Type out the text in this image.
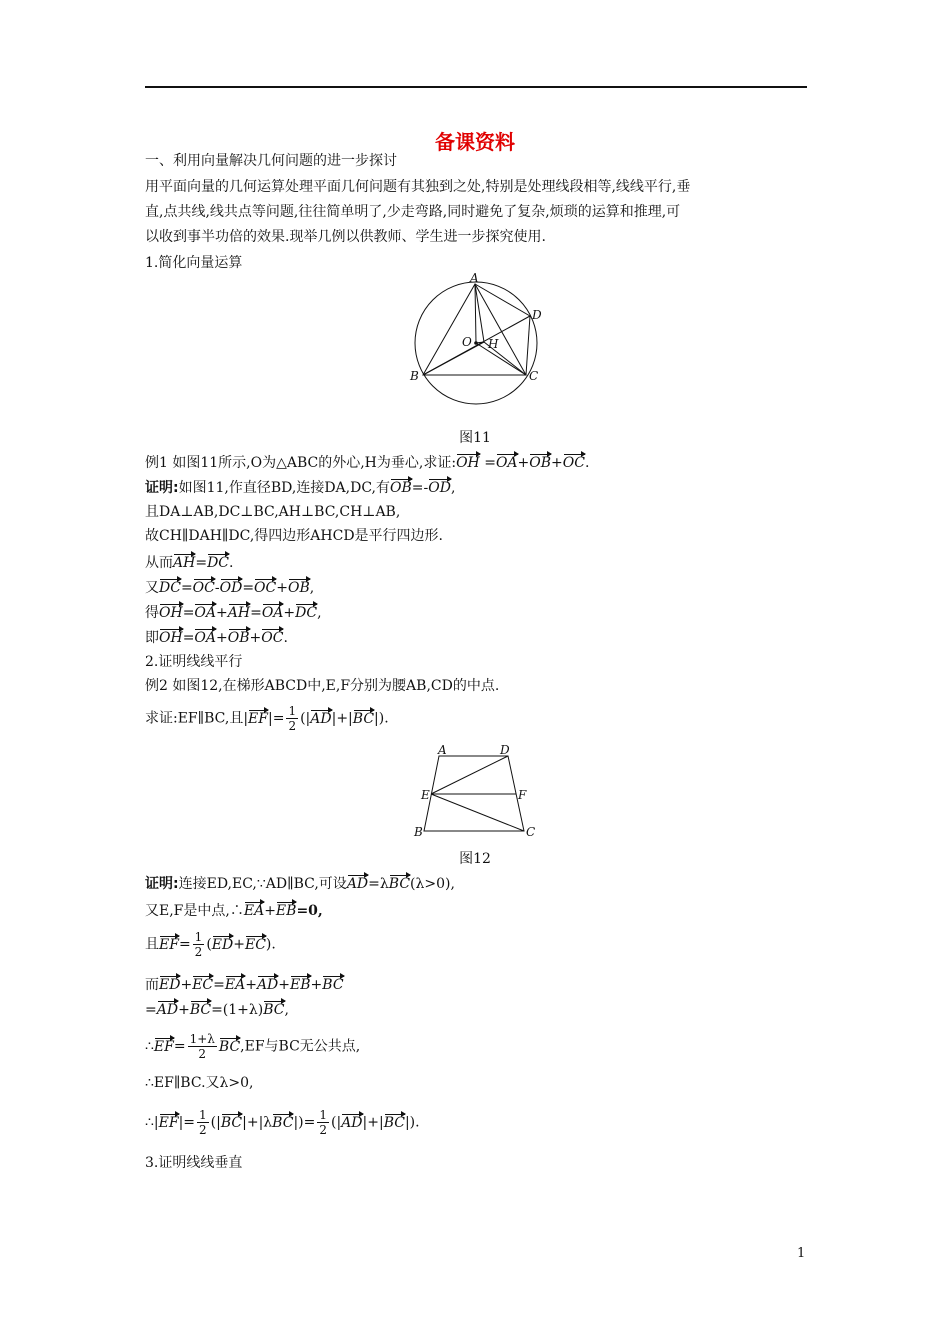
备课资料
一、利用向量解决几何问题的进一步探讨
用平面向量的几何运算处理平面几何问题有其独到之处,特别是处理线段相等,线线平行,垂
直,点共线,线共点等问题,往往简单明了,少走弯路,同时避免了复杂,烦琐的运算和推理,可
以收到事半功倍的效果.现举几例以供教师、学生进一步探究使用.
1.简化向量运算
A
D
O H
B	C
图11
例1 如图11所示,O为△ABC的外心,H为垂心,求证:OH =OA+OB+OC.
证明:如图11,作直径BD,连接DA,DC,有OB=-OD,
且DA⊥AB,DC⊥BC,AH⊥BC,CH⊥AB,
故CH∥DAH∥DC,得四边形AHCD是平行四边形.
从而AH=DC.
又DC=OC-OD=OC+OB,
得OH=OA+AH=OA+DC,
即OH=OA+OB+OC.
2.证明线线平行
例2 如图12,在梯形ABCD中,E,F分别为腰AB,CD的中点.
求证:EF∥BC,且$|EF|= \frac{1}{2} (|AD|+|BC|)$.
A	D
E	F
B	C
图12
证明:连接ED,EC,∵AD∥BC,可设AD=λBC(λ>0),
又E,F是中点,∴EA+EB=0,
且$EF= \frac{1}{2} (ED+EC)$.
而ED+EC=EA+AD+EB+BC
=AD+BC=(1+λ)BC,
∴EF= $\frac{1+\lambda}{2} BC,EF$与BC无公共点,
∴EF∥BC.又λ>0,
∴|EF|= $\frac{1}{2} (|BC|+|\lambda BC|)= \frac{1}{2} (|AD|+|BC|)$.
3.证明线线垂直
1
